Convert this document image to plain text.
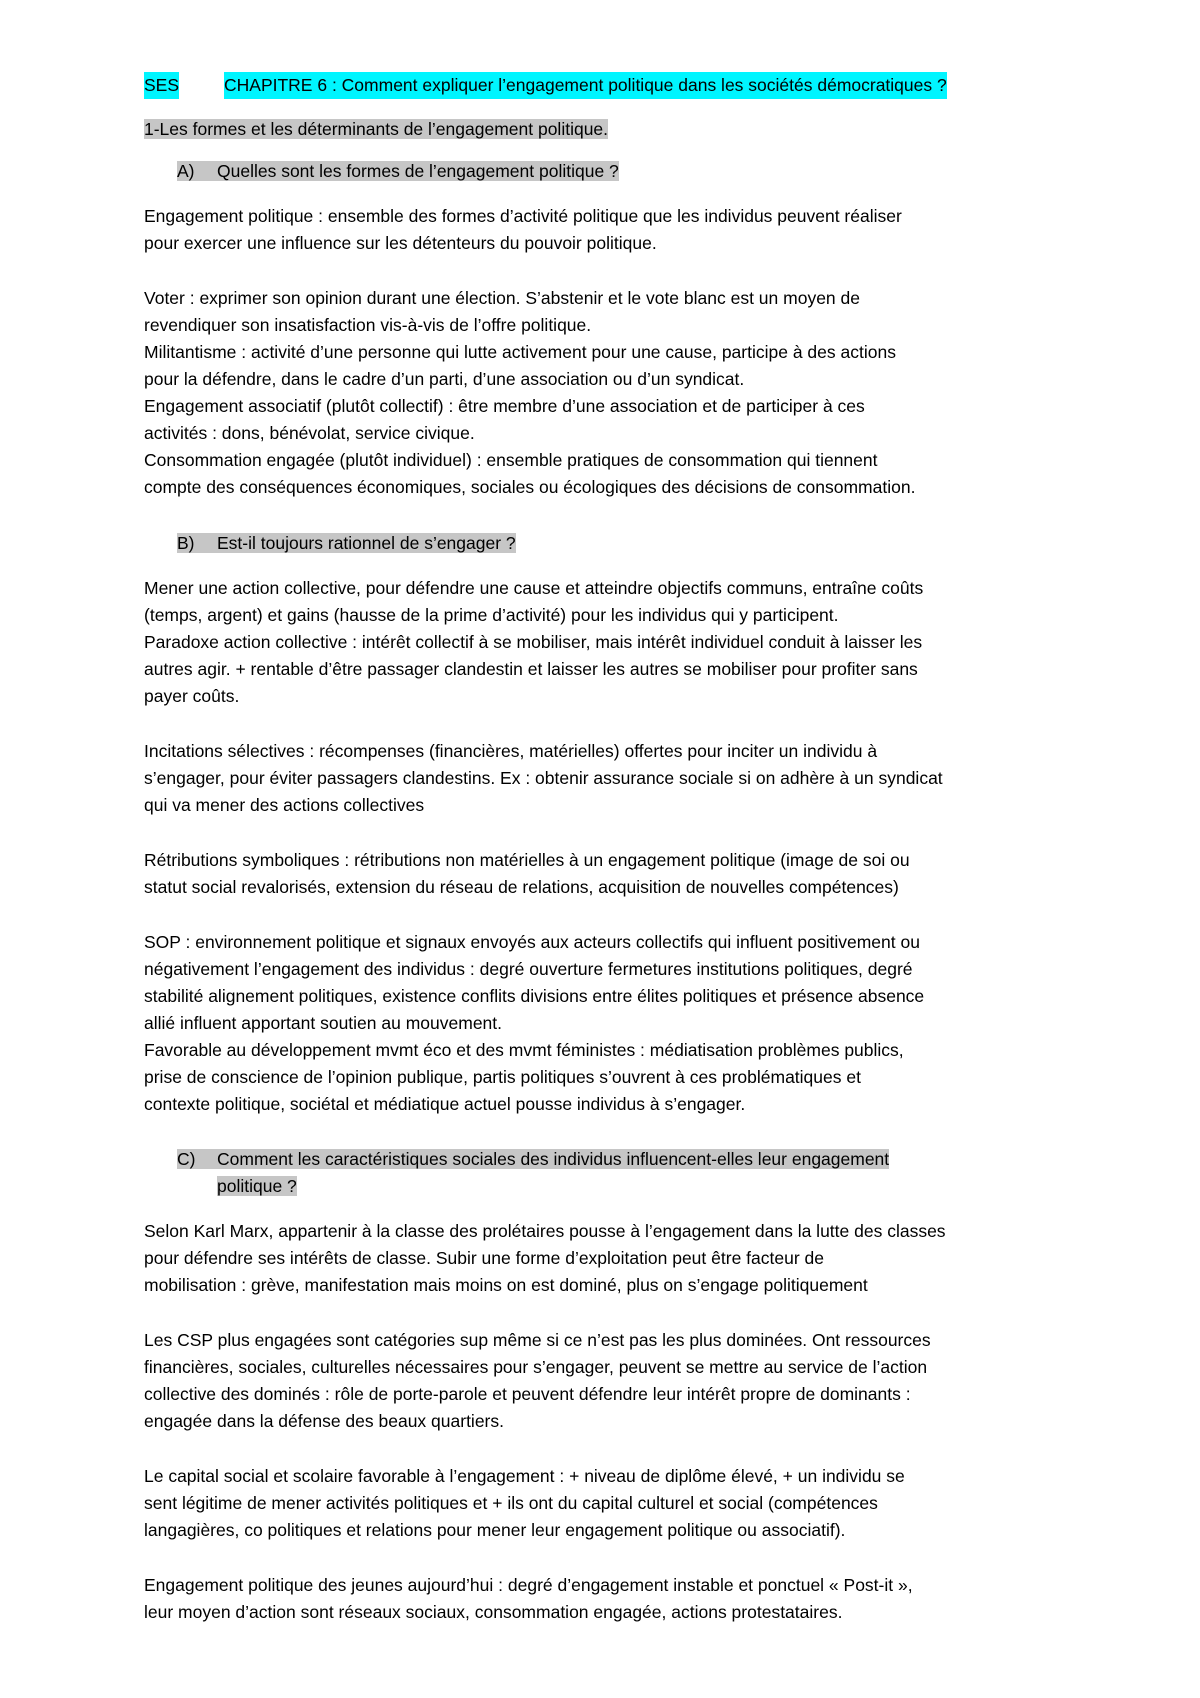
SES	CHAPITRE 6 : Comment expliquer l’engagement politique dans les sociétés démocratiques ?
1-Les formes et les déterminants de l’engagement politique.
A) Quelles sont les formes de l’engagement politique ?
Engagement politique : ensemble des formes d’activité politique que les individus peuvent réaliser
pour exercer une influence sur les détenteurs du pouvoir politique.
Voter : exprimer son opinion durant une élection. S’abstenir et le vote blanc est un moyen de
revendiquer son insatisfaction vis-à-vis de l’offre politique.
Militantisme : activité d’une personne qui lutte activement pour une cause, participe à des actions
pour la défendre, dans le cadre d’un parti, d’une association ou d’un syndicat.
Engagement associatif (plutôt collectif) : être membre d’une association et de participer à ces
activités : dons, bénévolat, service civique.
Consommation engagée (plutôt individuel) : ensemble pratiques de consommation qui tiennent
compte des conséquences économiques, sociales ou écologiques des décisions de consommation.
B) Est-il toujours rationnel de s’engager ?
Mener une action collective, pour défendre une cause et atteindre objectifs communs, entraîne coûts
(temps, argent) et gains (hausse de la prime d’activité) pour les individus qui y participent.
Paradoxe action collective : intérêt collectif à se mobiliser, mais intérêt individuel conduit à laisser les
autres agir. + rentable d’être passager clandestin et laisser les autres se mobiliser pour profiter sans
payer coûts.
Incitations sélectives : récompenses (financières, matérielles) offertes pour inciter un individu à
s’engager, pour éviter passagers clandestins. Ex : obtenir assurance sociale si on adhère à un syndicat
qui va mener des actions collectives
Rétributions symboliques : rétributions non matérielles à un engagement politique (image de soi ou
statut social revalorisés, extension du réseau de relations, acquisition de nouvelles compétences)
SOP : environnement politique et signaux envoyés aux acteurs collectifs qui influent positivement ou
négativement l’engagement des individus : degré ouverture fermetures institutions politiques, degré
stabilité alignement politiques, existence conflits divisions entre élites politiques et présence absence
allié influent apportant soutien au mouvement.
Favorable au développement mvmt éco et des mvmt féministes : médiatisation problèmes publics,
prise de conscience de l’opinion publique, partis politiques s’ouvrent à ces problématiques et
contexte politique, sociétal et médiatique actuel pousse individus à s’engager.
C) Comment les caractéristiques sociales des individus influencent-elles leur engagement
politique ?
Selon Karl Marx, appartenir à la classe des prolétaires pousse à l’engagement dans la lutte des classes
pour défendre ses intérêts de classe. Subir une forme d’exploitation peut être facteur de
mobilisation : grève, manifestation mais moins on est dominé, plus on s’engage politiquement
Les CSP plus engagées sont catégories sup même si ce n’est pas les plus dominées. Ont ressources
financières, sociales, culturelles nécessaires pour s’engager, peuvent se mettre au service de l’action
collective des dominés : rôle de porte-parole et peuvent défendre leur intérêt propre de dominants :
engagée dans la défense des beaux quartiers.
Le capital social et scolaire favorable à l’engagement : + niveau de diplôme élevé, + un individu se
sent légitime de mener activités politiques et + ils ont du capital culturel et social (compétences
langagières, co politiques et relations pour mener leur engagement politique ou associatif).
Engagement politique des jeunes aujourd’hui : degré d’engagement instable et ponctuel « Post-it »,
leur moyen d’action sont réseaux sociaux, consommation engagée, actions protestataires.
